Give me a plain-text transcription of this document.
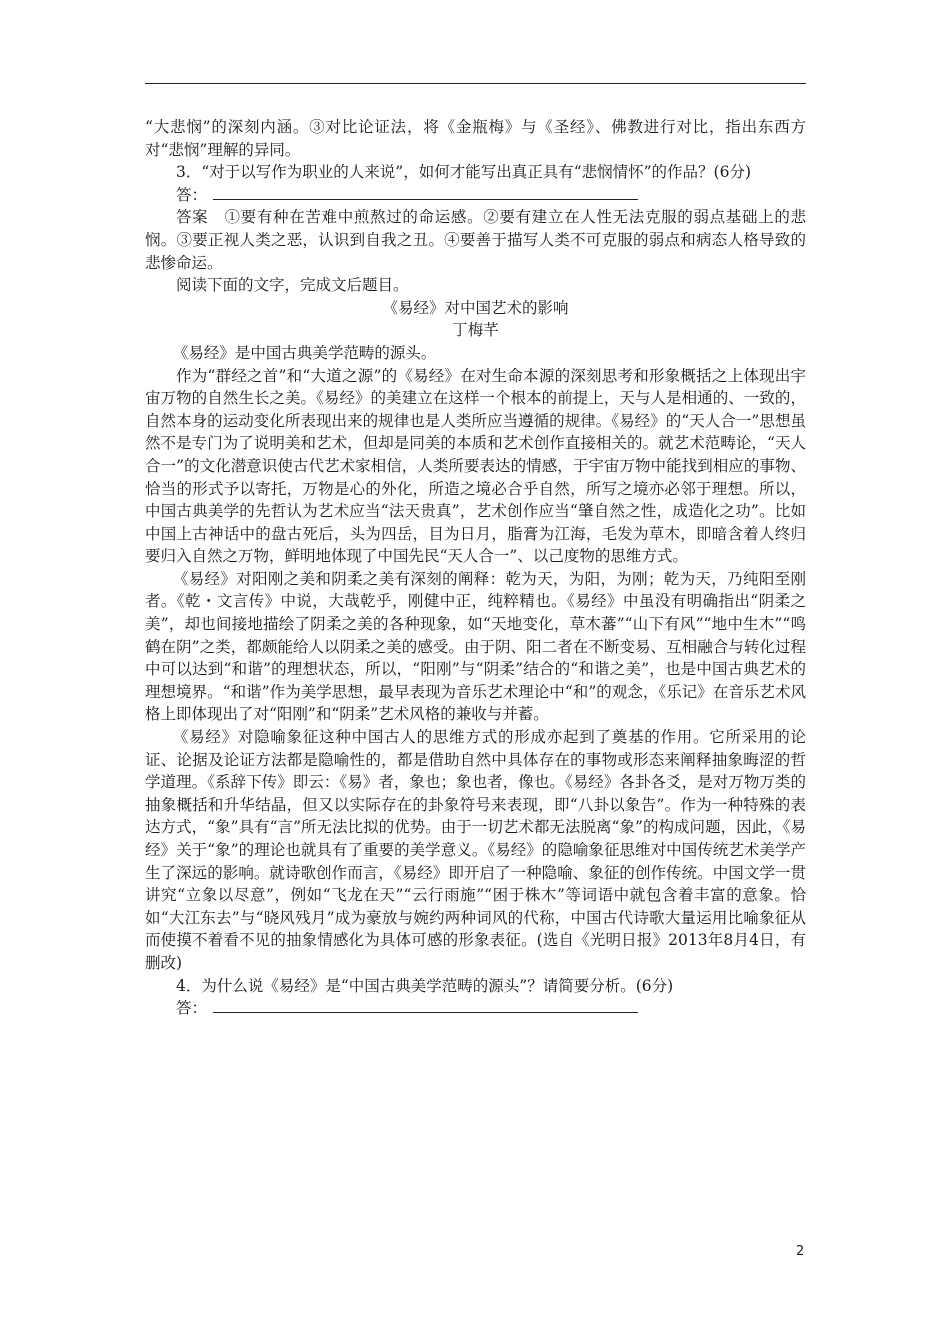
“大悲悯”的深刻内涵。③对比论证法，将《金瓶梅》与《圣经》、佛教进行对比，指出东西方对“悲悯”理解的异同。

3．“对于以写作为职业的人来说”，如何才能写出真正具有“悲悯情怀”的作品？(6分)

答：

答案　①要有种在苦难中煎熬过的命运感。②要有建立在人性无法克服的弱点基础上的悲悯。③要正视人类之恶，认识到自我之丑。④要善于描写人类不可克服的弱点和病态人格导致的悲惨命运。

阅读下面的文字，完成文后题目。

《易经》对中国艺术的影响

丁梅芊

《易经》是中国古典美学范畴的源头。

作为“群经之首”和“大道之源”的《易经》在对生命本源的深刻思考和形象概括之上体现出宇宙万物的自然生长之美。《易经》的美建立在这样一个根本的前提上，天与人是相通的、一致的，自然本身的运动变化所表现出来的规律也是人类所应当遵循的规律。《易经》的“天人合一”思想虽然不是专门为了说明美和艺术，但却是同美的本质和艺术创作直接相关的。就艺术范畴论，“天人合一”的文化潜意识使古代艺术家相信，人类所要表达的情感，于宇宙万物中能找到相应的事物、恰当的形式予以寄托，万物是心的外化，所造之境必合乎自然，所写之境亦必邻于理想。所以，中国古典美学的先哲认为艺术应当“法天贵真”，艺术创作应当“肇自然之性，成造化之功”。比如中国上古神话中的盘古死后，头为四岳，目为日月，脂膏为江海，毛发为草木，即暗含着人终归要归入自然之万物，鲜明地体现了中国先民“天人合一”、以己度物的思维方式。

《易经》对阳刚之美和阴柔之美有深刻的阐释：乾为天，为阳，为刚；乾为天，乃纯阳至刚者。《乾・文言传》中说，大哉乾乎，刚健中正，纯粹精也。《易经》中虽没有明确指出“阴柔之美”，却也间接地描绘了阴柔之美的各种现象，如“天地变化，草木蕃”“山下有风”“地中生木”“鸣鹤在阴”之类，都颇能给人以阴柔之美的感受。由于阴、阳二者在不断变易、互相融合与转化过程中可以达到“和谐”的理想状态，所以，“阳刚”与“阴柔”结合的“和谐之美”，也是中国古典艺术的理想境界。“和谐”作为美学思想，最早表现为音乐艺术理论中“和”的观念，《乐记》在音乐艺术风格上即体现出了对“阳刚”和“阴柔”艺术风格的兼收与并蓄。

《易经》对隐喻象征这种中国古人的思维方式的形成亦起到了奠基的作用。它所采用的论证、论据及论证方法都是隐喻性的，都是借助自然中具体存在的事物或形态来阐释抽象晦涩的哲学道理。《系辞下传》即云：《易》者，象也；象也者，像也。《易经》各卦各爻，是对万物万类的抽象概括和升华结晶，但又以实际存在的卦象符号来表现，即“八卦以象告”。作为一种特殊的表达方式，“象”具有“言”所无法比拟的优势。由于一切艺术都无法脱离“象”的构成问题，因此，《易经》关于“象”的理论也就具有了重要的美学意义。《易经》的隐喻象征思维对中国传统艺术美学产生了深远的影响。就诗歌创作而言，《易经》即开启了一种隐喻、象征的创作传统。中国文学一贯讲究“立象以尽意”，例如“飞龙在天”“云行雨施”“困于株木”等词语中就包含着丰富的意象。恰如“大江东去”与“晓风残月”成为豪放与婉约两种词风的代称，中国古代诗歌大量运用比喻象征从而使摸不着看不见的抽象情感化为具体可感的形象表征。(选自《光明日报》2013年8月4日，有删改)

4．为什么说《易经》是“中国古典美学范畴的源头”？请简要分析。(6分)

答：

2
